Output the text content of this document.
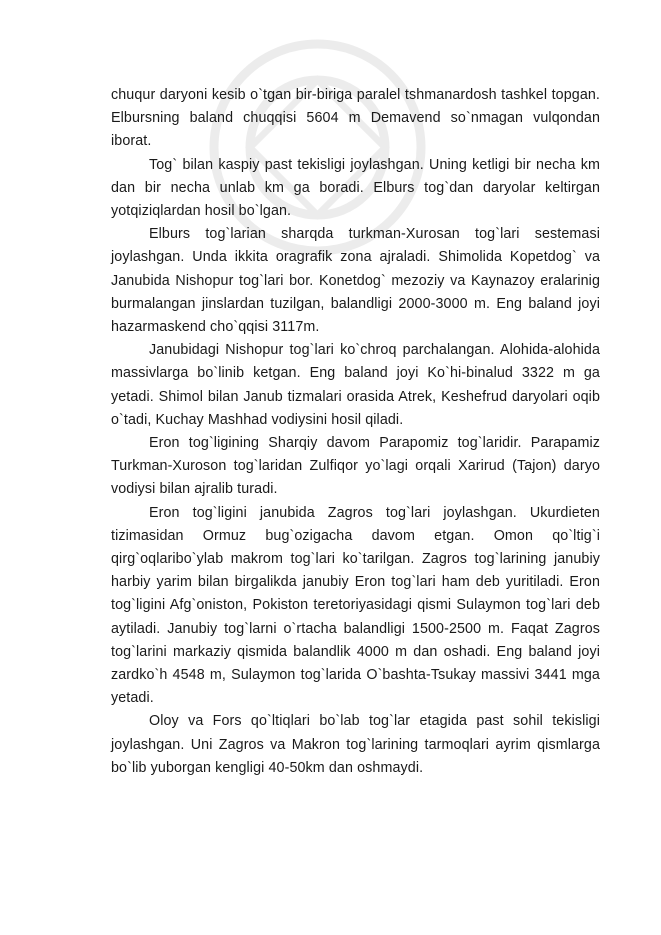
chuqur daryoni kesib o`tgan bir-biriga paralel tshmanardosh tashkel topgan. Elbursning baland chuqqisi 5604 m Demavend so`nmagan vulqondan iborat.

Tog` bilan kaspiy past tekisligi joylashgan. Uning ketligi bir necha km dan bir necha unlab km ga boradi. Elburs tog`dan daryolar keltirgan yotqiziqlardan hosil bo`lgan.

Elburs tog`larian sharqda turkman-Xurosan tog`lari sestemasi joylashgan. Unda ikkita oragrafik zona ajraladi. Shimolida Kopetdog` va Janubida Nishopur tog`lari bor. Konetdog` mezoziy va Kaynazoy eralarinig burmalangan jinslardan tuzilgan, balandligi 2000-3000 m. Eng baland joyi hazarmaskend cho`qqisi 3117m.

Janubidagi Nishopur tog`lari ko`chroq parchalangan. Alohida-alohida massivlarga bo`linib ketgan. Eng baland joyi Ko`hi-binalud 3322 m ga yetadi. Shimol bilan Janub tizmalari orasida Atrek, Keshefrud daryolari oqib o`tadi, Kuchay Mashhad vodiysini hosil qiladi.

Eron tog`ligining Sharqiy davom Parapomiz tog`laridir. Parapamiz Turkman-Xuroson tog`laridan Zulfiqor yo`lagi orqali Xarirud (Tajon) daryo vodiysi bilan ajralib turadi.

Eron tog`ligini janubida Zagros tog`lari joylashgan. Ukurdieten tizimasidan Ormuz bug`ozigacha davom etgan. Omon qo`ltig`i qirg`oqlaribo`ylab makrom tog`lari ko`tarilgan. Zagros tog`larining janubiy harbiy yarim bilan birgalikda janubiy Eron tog`lari ham deb yuritiladi. Eron tog`ligini Afg`oniston, Pokiston teretoriyasidagi qismi Sulaymon tog`lari deb aytiladi. Janubiy tog`larni o`rtacha balandligi 1500-2500 m. Faqat Zagros tog`larini markaziy qismida balandlik 4000 m dan oshadi. Eng baland joyi zardko`h 4548 m, Sulaymon tog`larida O`bashta-Tsukay massivi 3441 mga yetadi.

Oloy va Fors qo`ltiqlari bo`lab tog`lar etagida past sohil tekisligi joylashgan. Uni Zagros va Makron tog`larining tarmoqlari ayrim qismlarga bo`lib yuborgan kengligi 40-50km dan oshmaydi.
